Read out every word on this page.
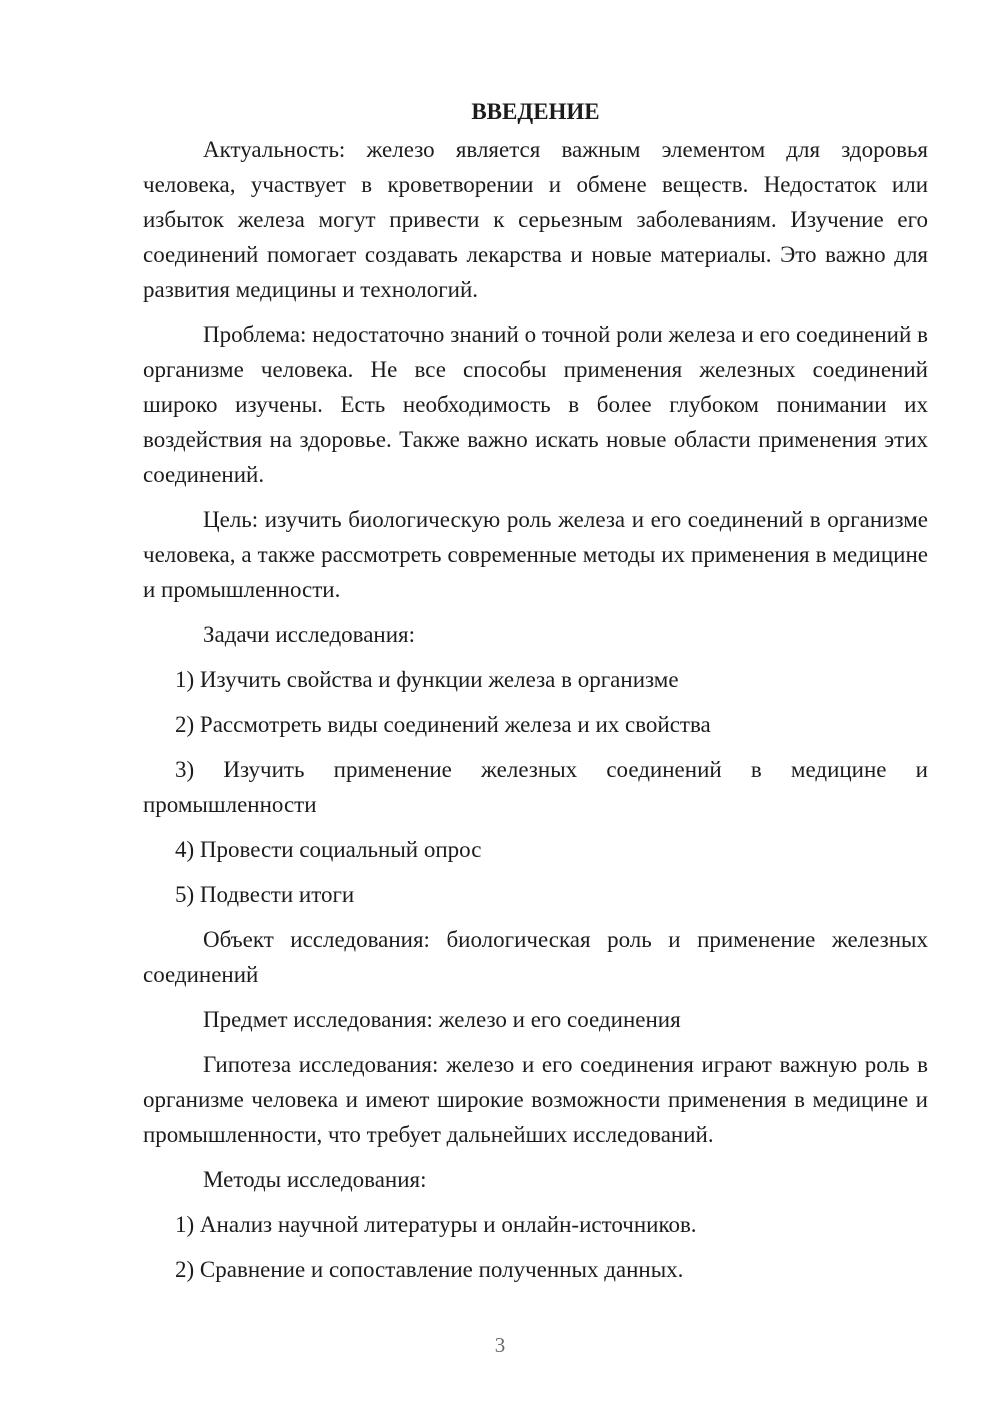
ВВЕДЕНИЕ

Актуальность: железо является важным элементом для здоровья человека, участвует в кроветворении и обмене веществ. Недостаток или избыток железа могут привести к серьезным заболеваниям. Изучение его соединений помогает создавать лекарства и новые материалы. Это важно для развития медицины и технологий.

Проблема: недостаточно знаний о точной роли железа и его соединений в организме человека. Не все способы применения железных соединений широко изучены. Есть необходимость в более глубоком понимании их воздействия на здоровье. Также важно искать новые области применения этих соединений.

Цель: изучить биологическую роль железа и его соединений в организме человека, а также рассмотреть современные методы их применения в медицине и промышленности.

Задачи исследования:

1) Изучить свойства и функции железа в организме

2) Рассмотреть виды соединений железа и их свойства

3) Изучить применение железных соединений в медицине и промышленности

4) Провести социальный опрос

5) Подвести итоги

Объект исследования: биологическая роль и применение железных соединений

Предмет исследования: железо и его соединения

Гипотеза исследования: железо и его соединения играют важную роль в организме человека и имеют широкие возможности применения в медицине и промышленности, что требует дальнейших исследований.

Методы исследования:

1) Анализ научной литературы и онлайн-источников.

2) Сравнение и сопоставление полученных данных.

3
